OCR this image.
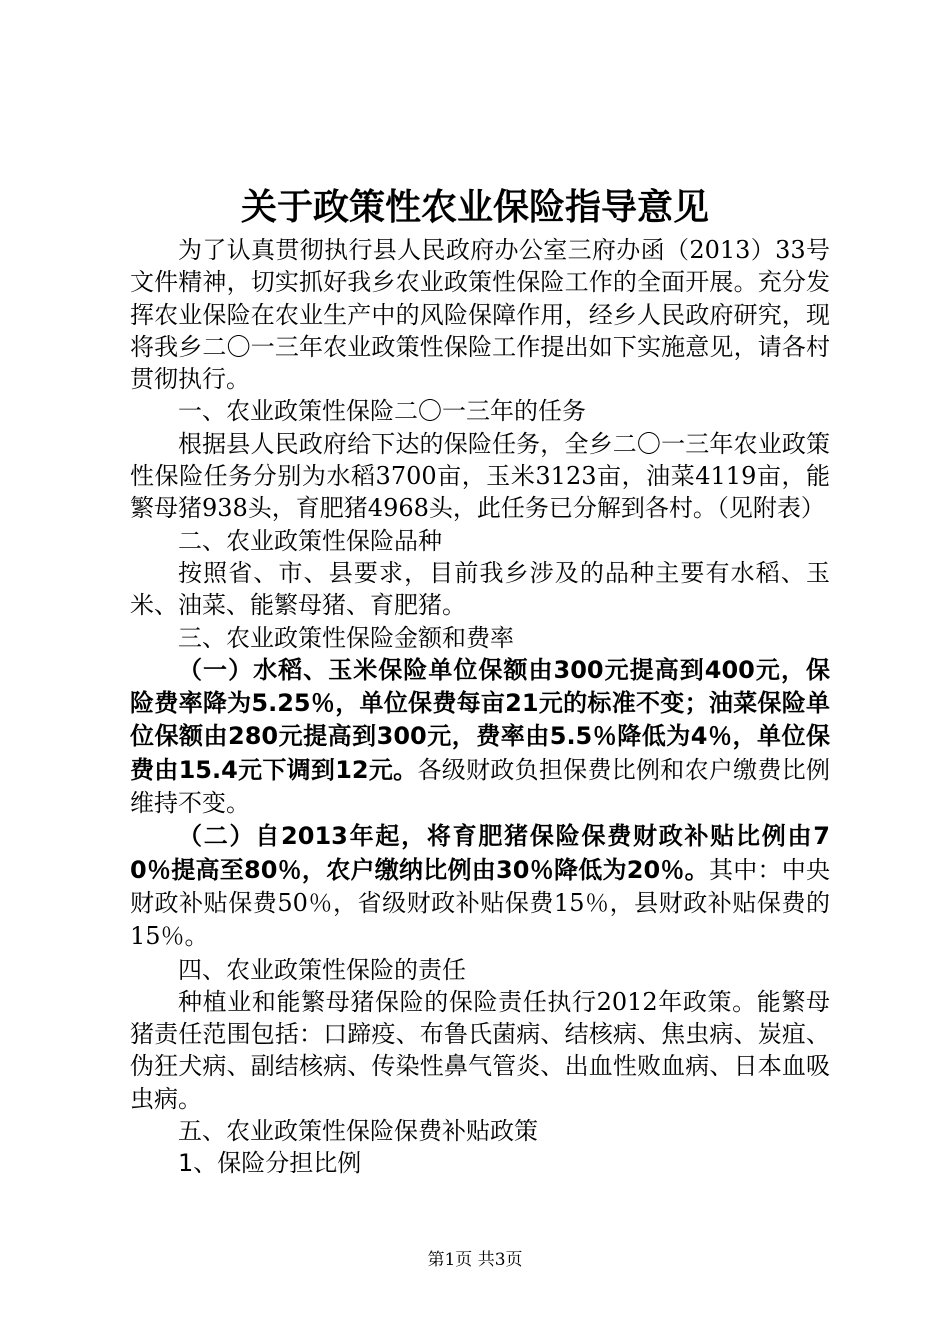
关于政策性农业保险指导意见

为了认真贯彻执行县人民政府办公室三府办函（2013）33号文件精神，切实抓好我乡农业政策性保险工作的全面开展。充分发挥农业保险在农业生产中的风险保障作用，经乡人民政府研究，现将我乡二〇一三年农业政策性保险工作提出如下实施意见，请各村贯彻执行。

一、农业政策性保险二〇一三年的任务

根据县人民政府给下达的保险任务，全乡二〇一三年农业政策性保险任务分别为水稻3700亩，玉米3123亩，油菜4119亩，能繁母猪938头，育肥猪4968头，此任务已分解到各村。（见附表）

二、农业政策性保险品种

按照省、市、县要求，目前我乡涉及的品种主要有水稻、玉米、油菜、能繁母猪、育肥猪。

三、农业政策性保险金额和费率

（一）水稻、玉米保险单位保额由300元提高到400元，保险费率降为5.25％，单位保费每亩21元的标准不变；油菜保险单位保额由280元提高到300元，费率由5.5％降低为4％，单位保费由15.4元下调到12元。各级财政负担保费比例和农户缴费比例维持不变。

（二）自2013年起，将育肥猪保险保费财政补贴比例由70％提高至80％，农户缴纳比例由30％降低为20％。其中：中央财政补贴保费50％，省级财政补贴保费15％，县财政补贴保费的15％。

四、农业政策性保险的责任

种植业和能繁母猪保险的保险责任执行2012年政策。能繁母猪责任范围包括：口蹄疫、布鲁氏菌病、结核病、焦虫病、炭疽、伪狂犬病、副结核病、传染性鼻气管炎、出血性败血病、日本血吸虫病。

五、农业政策性保险保费补贴政策

1、保险分担比例

第1页 共3页
